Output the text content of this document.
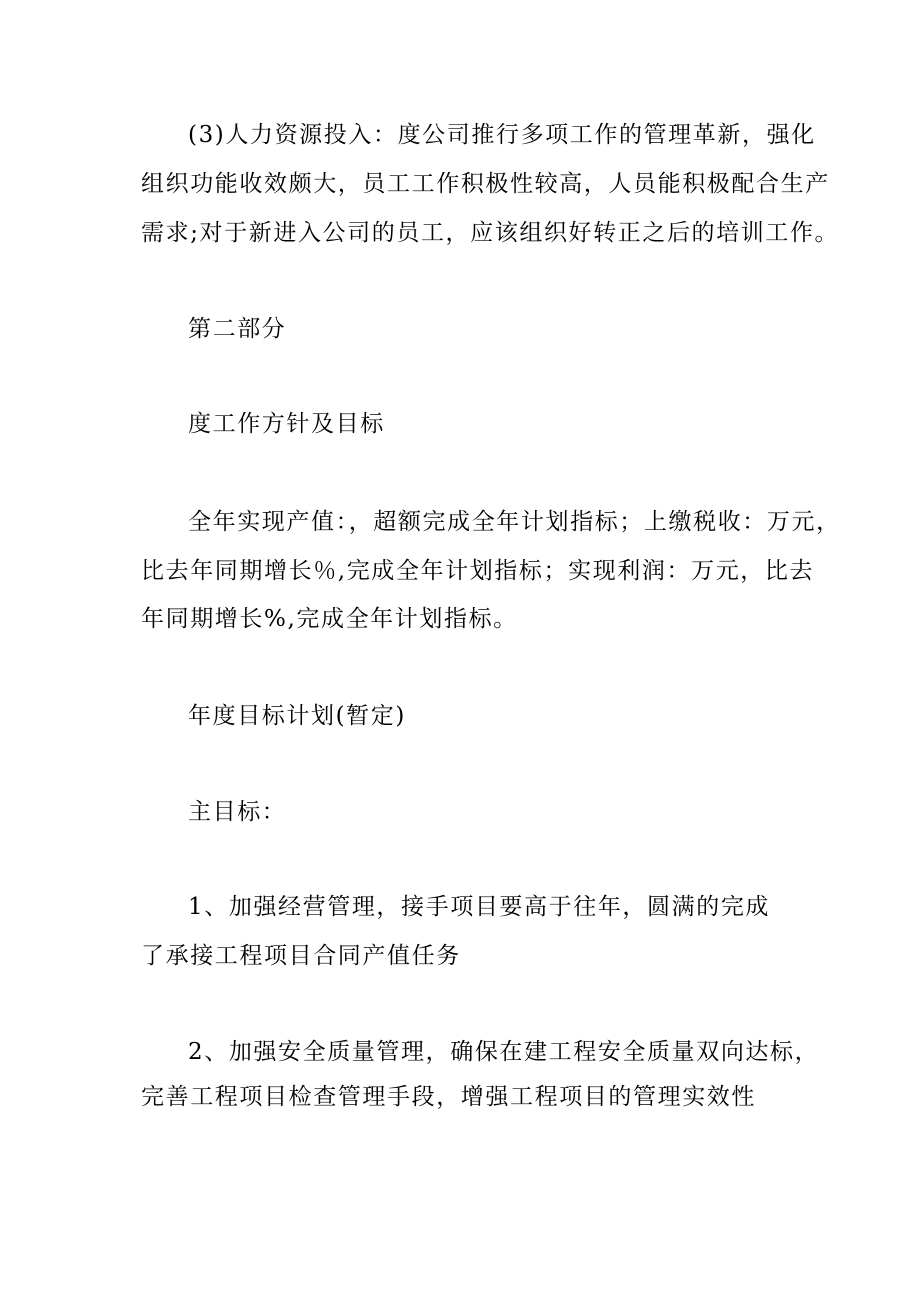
(3)人力资源投入：度公司推行多项工作的管理革新，强化
组织功能收效颇大，员工工作积极性较高，人员能积极配合生产
需求;对于新进入公司的员工，应该组织好转正之后的培训工作。
第二部分
度工作方针及目标
全年实现产值：，超额完成全年计划指标；上缴税收：万元，
比去年同期增长％,完成全年计划指标；实现利润：万元，比去
年同期增长%,完成全年计划指标。
年度目标计划(暂定)
主目标：
1、加强经营管理，接手项目要高于往年，圆满的完成
了承接工程项目合同产值任务
2、加强安全质量管理，确保在建工程安全质量双向达标，
完善工程项目检查管理手段，增强工程项目的管理实效性
